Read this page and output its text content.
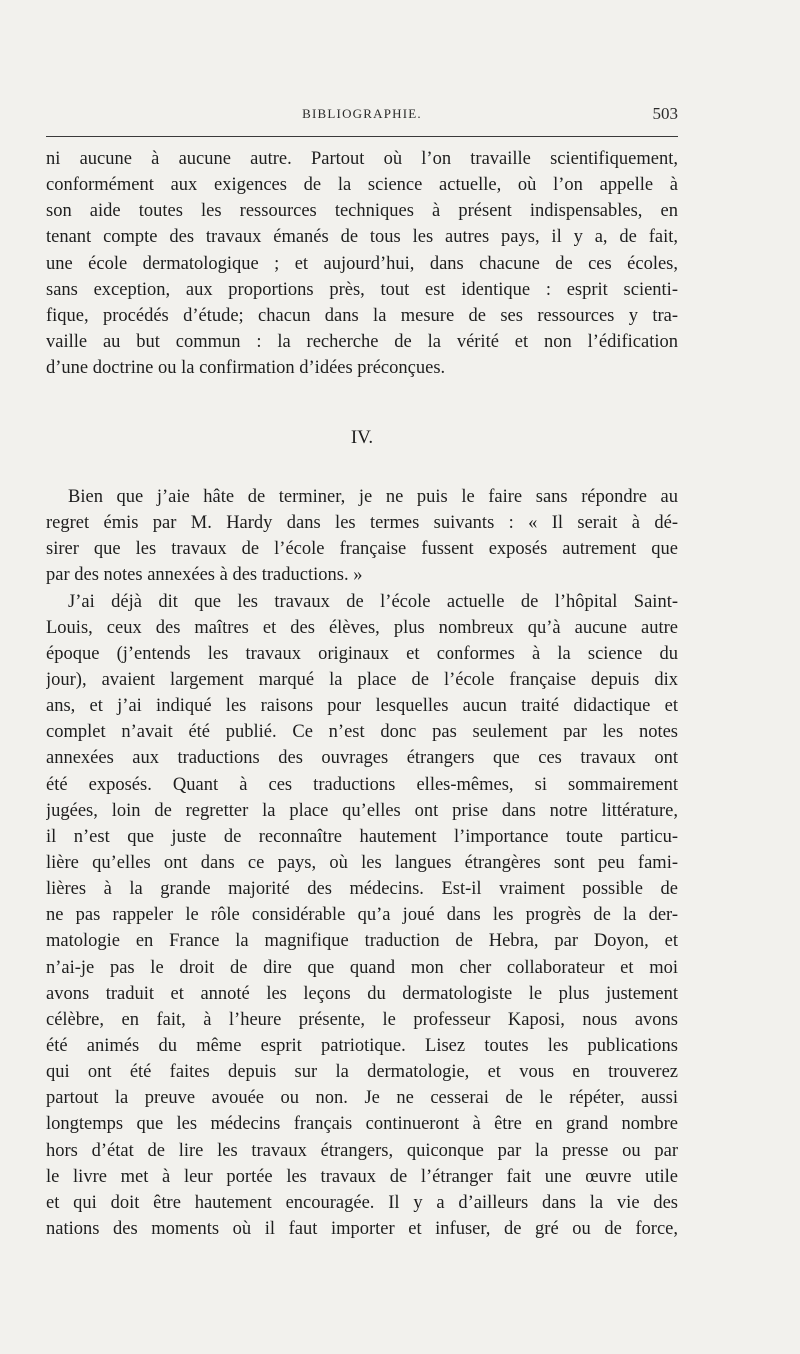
BIBLIOGRAPHIE.	503
ni aucune à aucune autre. Partout où l’on travaille scientifiquement,
conformément aux exigences de la science actuelle, où l’on appelle à
son aide toutes les ressources techniques à présent indispensables, en
tenant compte des travaux émanés de tous les autres pays, il y a, de fait,
une école dermatologique ; et aujourd’hui, dans chacune de ces écoles,
sans exception, aux proportions près, tout est identique : esprit scienti-
fique, procédés d’étude; chacun dans la mesure de ses ressources y tra-
vaille au but commun : la recherche de la vérité et non l’édification
d’une doctrine ou la confirmation d’idées préconçues.
IV.
Bien que j’aie hâte de terminer, je ne puis le faire sans répondre au
regret émis par M. Hardy dans les termes suivants : « Il serait à dé-
sirer que les travaux de l’école française fussent exposés autrement que
par des notes annexées à des traductions. »
J’ai déjà dit que les travaux de l’école actuelle de l’hôpital Saint-
Louis, ceux des maîtres et des élèves, plus nombreux qu’à aucune autre
époque (j’entends les travaux originaux et conformes à la science du
jour), avaient largement marqué la place de l’école française depuis dix
ans, et j’ai indiqué les raisons pour lesquelles aucun traité didactique et
complet n’avait été publié. Ce n’est donc pas seulement par les notes
annexées aux traductions des ouvrages étrangers que ces travaux ont
été exposés. Quant à ces traductions elles-mêmes, si sommairement
jugées, loin de regretter la place qu’elles ont prise dans notre littérature,
il n’est que juste de reconnaître hautement l’importance toute particu-
lière qu’elles ont dans ce pays, où les langues étrangères sont peu fami-
lières à la grande majorité des médecins. Est-il vraiment possible de
ne pas rappeler le rôle considérable qu’a joué dans les progrès de la der-
matologie en France la magnifique traduction de Hebra, par Doyon, et
n’ai-je pas le droit de dire que quand mon cher collaborateur et moi
avons traduit et annoté les leçons du dermatologiste le plus justement
célèbre, en fait, à l’heure présente, le professeur Kaposi, nous avons
été animés du même esprit patriotique. Lisez toutes les publications
qui ont été faites depuis sur la dermatologie, et vous en trouverez
partout la preuve avouée ou non. Je ne cesserai de le répéter, aussi
longtemps que les médecins français continueront à être en grand nombre
hors d’état de lire les travaux étrangers, quiconque par la presse ou par
le livre met à leur portée les travaux de l’étranger fait une œuvre utile
et qui doit être hautement encouragée. Il y a d’ailleurs dans la vie des
nations des moments où il faut importer et infuser, de gré ou de force,
